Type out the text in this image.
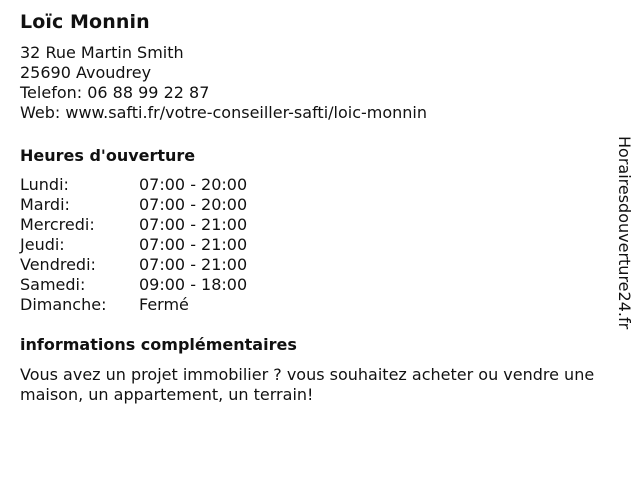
Loïc Monnin
32 Rue Martin Smith
25690 Avoudrey
Telefon: 06 88 99 22 87
Web: www.safti.fr/votre-conseiller-safti/loic-monnin
Heures d'ouverture
Lundi:	07:00 - 20:00
Mardi:	07:00 - 20:00
Mercredi:	07:00 - 21:00
Jeudi:	07:00 - 21:00
Vendredi:	07:00 - 21:00
Samedi:	09:00 - 18:00
Dimanche:	Fermé
informations complémentaires
Vous avez un projet immobilier ? vous souhaitez acheter ou vendre une maison, un appartement, un terrain!
Horairesdouverture24.fr
